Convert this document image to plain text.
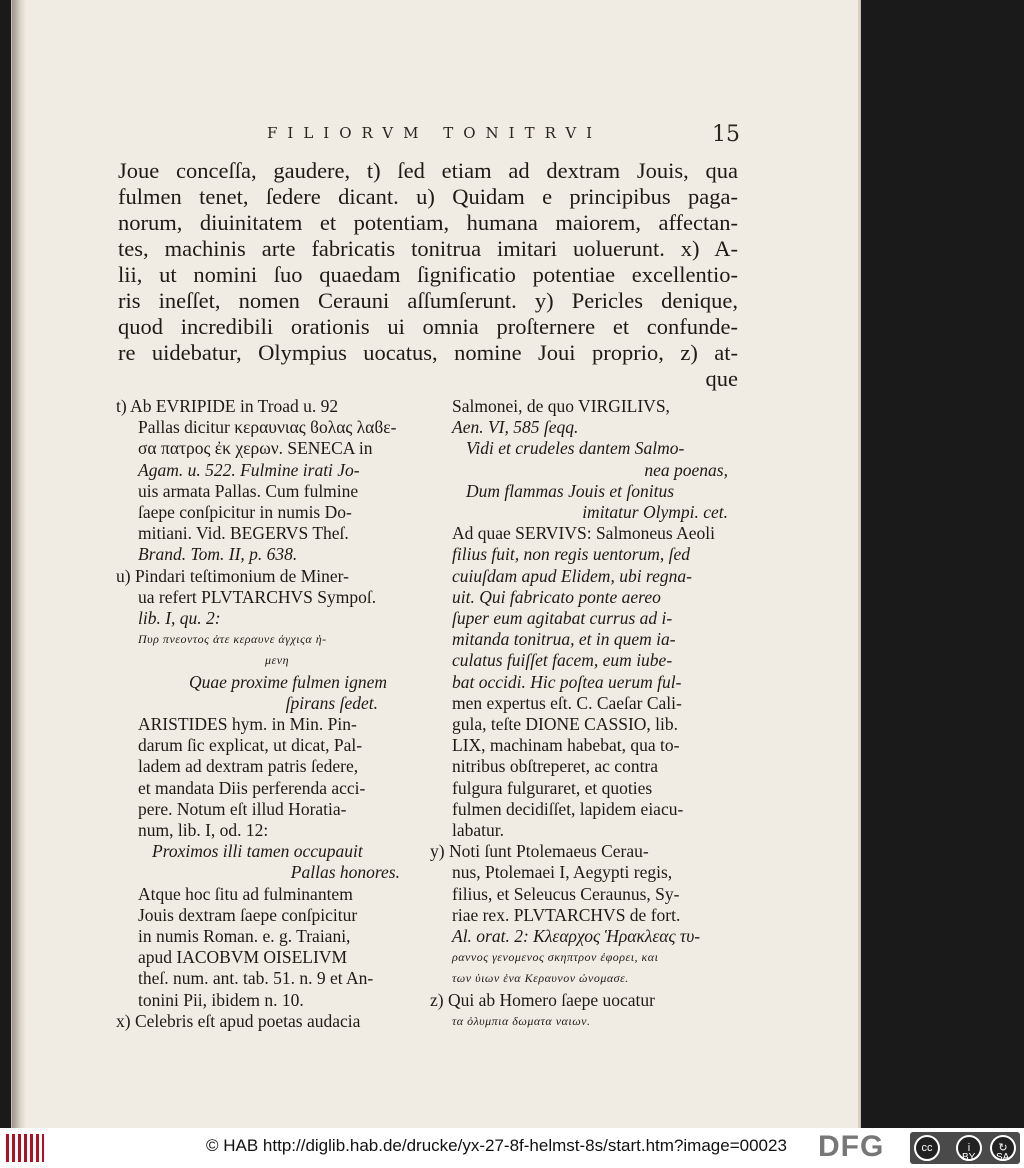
FILIORVM TONITRVI	15
Joue conceſſa, gaudere, t) ſed etiam ad dextram Jouis, qua
fulmen tenet, ſedere dicant. u) Quidam e principibus paga-
norum, diuinitatem et potentiam, humana maiorem, affectan-
tes, machinis arte fabricatis tonitrua imitari uoluerunt. x) A-
lii, ut nomini ſuo quaedam ſignificatio potentiae excellentio-
ris ineſſet, nomen Cerauni aſſumſerunt. y) Pericles denique,
quod incredibili orationis ui omnia proſternere et confunde-
re uidebatur, Olympius uocatus, nomine Joui proprio, z) at-
que
t) Ab EVRIPIDE in Troad u. 92
Pallas dicitur κεραυνιας ϐολας λαϐε-
σα πατρος ἐκ χερων. SENECA in
Agam. u. 522. Fulmine irati Jo-
uis armata Pallas. Cum fulmine
ſaepe conſpicitur in numis Do-
mitiani. Vid. BEGERVS Theſ.
Brand. Tom. II, p. 638.
u) Pindari teſtimonium de Miner-
ua refert PLVTARCHVS Sympoſ.
lib. I, qu. 2:
Πυρ πνεοντος ἁτε κεραυνε ἀγχιςα ἡ-
μενη
Quae proxime fulmen ignem
ſpirans ſedet.
ARISTIDES hym. in Min. Pin-
darum ſic explicat, ut dicat, Pal-
ladem ad dextram patris ſedere,
et mandata Diis perferenda acci-
pere. Notum eſt illud Horatia-
num, lib. I, od. 12:
Proximos illi tamen occupauit
Pallas honores.
Atque hoc ſitu ad fulminantem
Jouis dextram ſaepe conſpicitur
in numis Roman. e. g. Traiani,
apud IACOBVM OISELIVM
theſ. num. ant. tab. 51. n. 9 et An-
tonini Pii, ibidem n. 10.
x) Celebris eſt apud poetas audacia
Salmonei, de quo VIRGILIVS,
Aen. VI, 585 ſeqq.
Vidi et crudeles dantem Salmo-
nea poenas,
Dum flammas Jouis et ſonitus
imitatur Olympi. cet.
Ad quae SERVIVS: Salmoneus Aeoli
filius fuit, non regis uentorum, ſed
cuiuſdam apud Elidem, ubi regna-
uit. Qui fabricato ponte aereo
ſuper eum agitabat currus ad i-
mitanda tonitrua, et in quem ia-
culatus fuiſſet facem, eum iube-
bat occidi. Hic poſtea uerum ful-
men expertus eſt. C. Caeſar Cali-
gula, teſte DIONE CASSIO, lib.
LIX, machinam habebat, qua to-
nitribus obſtreperet, ac contra
fulgura fulguraret, et quoties
fulmen decidiſſet, lapidem eiacu-
labatur.
y) Noti ſunt Ptolemaeus Cerau-
nus, Ptolemaei I, Aegypti regis,
filius, et Seleucus Ceraunus, Sy-
riae rex. PLVTARCHVS de fort.
Al. orat. 2: Κλεαρχος Ἡρακλεας τυ-
ραννος γενομενος σκηπτρον ἐφορει, και
των ὑιων ἑνα Κεραυνον ὠνομασε.
z) Qui ab Homero ſaepe uocatur
τα ὀλυμπια δωματα ναιων.
© HAB http://diglib.hab.de/drucke/yx-27-8f-helmst-8s/start.htm?image=00023 DFG	cc	i	↻
BY SA
